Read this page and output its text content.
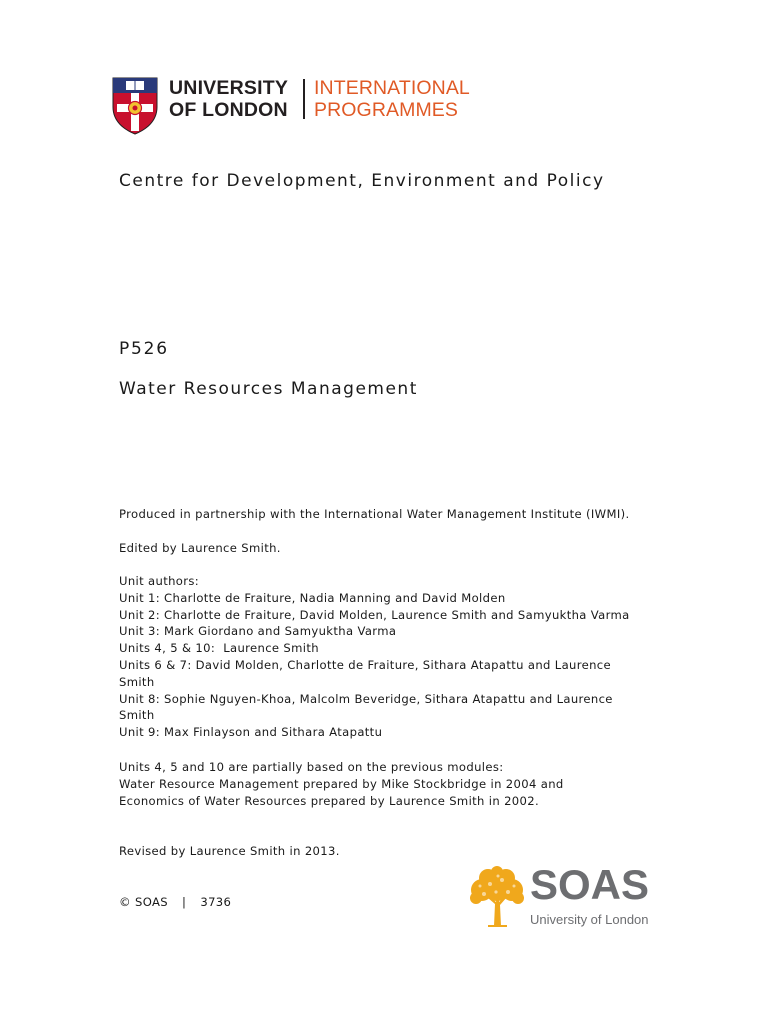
UNIVERSITY
OF LONDON
INTERNATIONAL
PROGRAMMES
Centre for Development, Environment and Policy
P526
Water Resources Management
Produced in partnership with the International Water Management Institute (IWMI).
Edited by Laurence Smith.
Unit authors:
Unit 1: Charlotte de Fraiture, Nadia Manning and David Molden
Unit 2: Charlotte de Fraiture, David Molden, Laurence Smith and Samyuktha Varma
Unit 3: Mark Giordano and Samyuktha Varma
Units 4, 5 & 10:  Laurence Smith
Units 6 & 7: David Molden, Charlotte de Fraiture, Sithara Atapattu and Laurence
Smith
Unit 8: Sophie Nguyen-Khoa, Malcolm Beveridge, Sithara Atapattu and Laurence
Smith
Unit 9: Max Finlayson and Sithara Atapattu
Units 4, 5 and 10 are partially based on the previous modules:
Water Resource Management prepared by Mike Stockbridge in 2004 and
Economics of Water Resources prepared by Laurence Smith in 2002.
Revised by Laurence Smith in 2013.
© SOAS | 3736	SOAS
University of London
